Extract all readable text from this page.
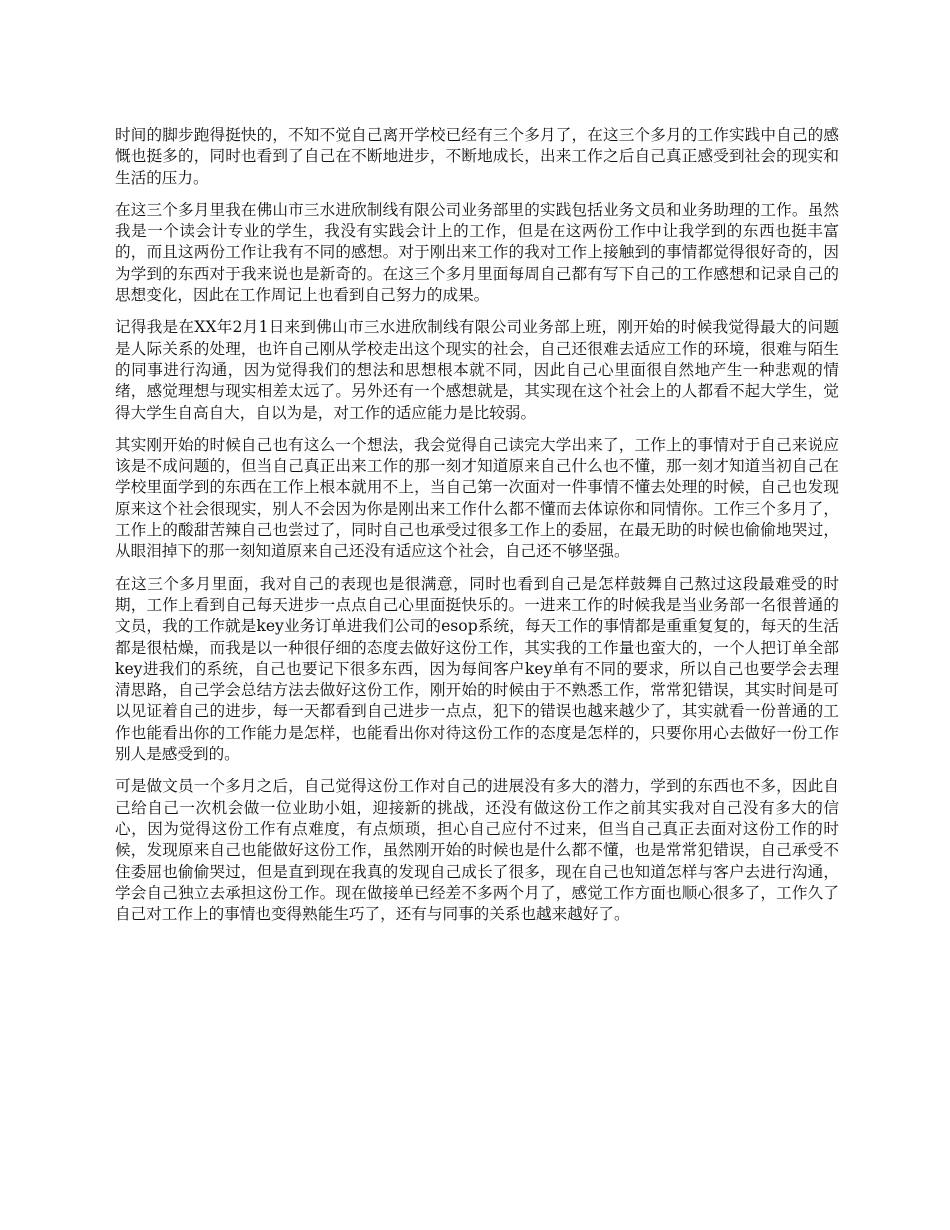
时间的脚步跑得挺快的，不知不觉自己离开学校已经有三个多月了，在这三个多月的工作实践中自己的感慨也挺多的，同时也看到了自己在不断地进步，不断地成长，出来工作之后自己真正感受到社会的现实和生活的压力。

在这三个多月里我在佛山市三水进欣制线有限公司业务部里的实践包括业务文员和业务助理的工作。虽然我是一个读会计专业的学生，我没有实践会计上的工作，但是在这两份工作中让我学到的东西也挺丰富的，而且这两份工作让我有不同的感想。对于刚出来工作的我对工作上接触到的事情都觉得很好奇的，因为学到的东西对于我来说也是新奇的。在这三个多月里面每周自己都有写下自己的工作感想和记录自己的思想变化，因此在工作周记上也看到自己努力的成果。

记得我是在XX年2月1日来到佛山市三水进欣制线有限公司业务部上班，刚开始的时候我觉得最大的问题是人际关系的处理，也许自己刚从学校走出这个现实的社会，自己还很难去适应工作的环境，很难与陌生的同事进行沟通，因为觉得我们的想法和思想根本就不同，因此自己心里面很自然地产生一种悲观的情绪，感觉理想与现实相差太远了。另外还有一个感想就是，其实现在这个社会上的人都看不起大学生，觉得大学生自高自大，自以为是，对工作的适应能力是比较弱。

其实刚开始的时候自己也有这么一个想法，我会觉得自己读完大学出来了，工作上的事情对于自己来说应该是不成问题的，但当自己真正出来工作的那一刻才知道原来自己什么也不懂，那一刻才知道当初自己在学校里面学到的东西在工作上根本就用不上，当自己第一次面对一件事情不懂去处理的时候，自己也发现原来这个社会很现实，别人不会因为你是刚出来工作什么都不懂而去体谅你和同情你。工作三个多月了，工作上的酸甜苦辣自己也尝过了，同时自己也承受过很多工作上的委屈，在最无助的时候也偷偷地哭过，从眼泪掉下的那一刻知道原来自己还没有适应这个社会，自己还不够坚强。

在这三个多月里面，我对自己的表现也是很满意，同时也看到自己是怎样鼓舞自己熬过这段最难受的时期，工作上看到自己每天进步一点点自己心里面挺快乐的。一进来工作的时候我是当业务部一名很普通的文员，我的工作就是key业务订单进我们公司的esop系统，每天工作的事情都是重重复复的，每天的生活都是很枯燥，而我是以一种很仔细的态度去做好这份工作，其实我的工作量也蛮大的，一个人把订单全部key进我们的系统，自己也要记下很多东西，因为每间客户key单有不同的要求，所以自己也要学会去理清思路，自己学会总结方法去做好这份工作，刚开始的时候由于不熟悉工作，常常犯错误，其实时间是可以见证着自己的进步，每一天都看到自己进步一点点，犯下的错误也越来越少了，其实就看一份普通的工作也能看出你的工作能力是怎样，也能看出你对待这份工作的态度是怎样的，只要你用心去做好一份工作别人是感受到的。

可是做文员一个多月之后，自己觉得这份工作对自己的进展没有多大的潜力，学到的东西也不多，因此自己给自己一次机会做一位业助小姐，迎接新的挑战，还没有做这份工作之前其实我对自己没有多大的信心，因为觉得这份工作有点难度，有点烦琐，担心自己应付不过来，但当自己真正去面对这份工作的时候，发现原来自己也能做好这份工作，虽然刚开始的时候也是什么都不懂，也是常常犯错误，自己承受不住委屈也偷偷哭过，但是直到现在我真的发现自己成长了很多，现在自己也知道怎样与客户去进行沟通，学会自己独立去承担这份工作。现在做接单已经差不多两个月了，感觉工作方面也顺心很多了，工作久了自己对工作上的事情也变得熟能生巧了，还有与同事的关系也越来越好了。
